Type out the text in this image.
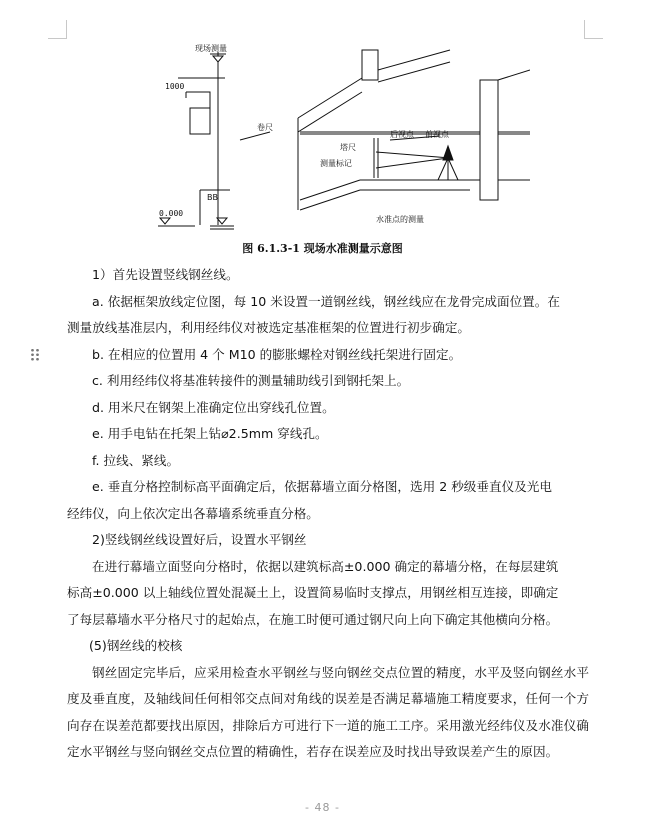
现场测量
1000
卷尺
0.000
BB
后视点 前视点
塔尺
测量标记
水准点的测量
图 6.1.3-1 现场水准测量示意图

1）首先设置竖线钢丝线。

a. 依据框架放线定位图，每 10 米设置一道钢丝线，钢丝线应在龙骨完成面位置。在

测量放线基准层内，利用经纬仪对被选定基准框架的位置进行初步确定。

b. 在相应的位置用 4 个 M10 的膨胀螺栓对钢丝线托架进行固定。

c. 利用经纬仪将基准转接件的测量辅助线引到钢托架上。

d. 用米尺在钢架上准确定位出穿线孔位置。

e. 用手电钻在托架上钻⌀2.5mm 穿线孔。

f. 拉线、紧线。

e. 垂直分格控制标高平面确定后，依据幕墙立面分格图，选用 2 秒级垂直仪及光电

经纬仪，向上依次定出各幕墙系统垂直分格。

2)竖线钢丝线设置好后，设置水平钢丝

在进行幕墙立面竖向分格时，依据以建筑标高±0.000 确定的幕墙分格，在每层建筑

标高±0.000 以上轴线位置处混凝土上，设置简易临时支撑点，用钢丝相互连接，即确定

了每层幕墙水平分格尺寸的起始点，在施工时便可通过钢尺向上向下确定其他横向分格。

(5)钢丝线的校核

钢丝固定完毕后，应采用检查水平钢丝与竖向钢丝交点位置的精度，水平及竖向钢丝水平度及垂直度，及轴线间任何相邻交点间对角线的误差是否满足幕墙施工精度要求，任何一个方向存在误差范都要找出原因，排除后方可进行下一道的施工工序。采用激光经纬仪及水准仪确定水平钢丝与竖向钢丝交点位置的精确性，若存在误差应及时找出导致误差产生的原因。

- 48 -
